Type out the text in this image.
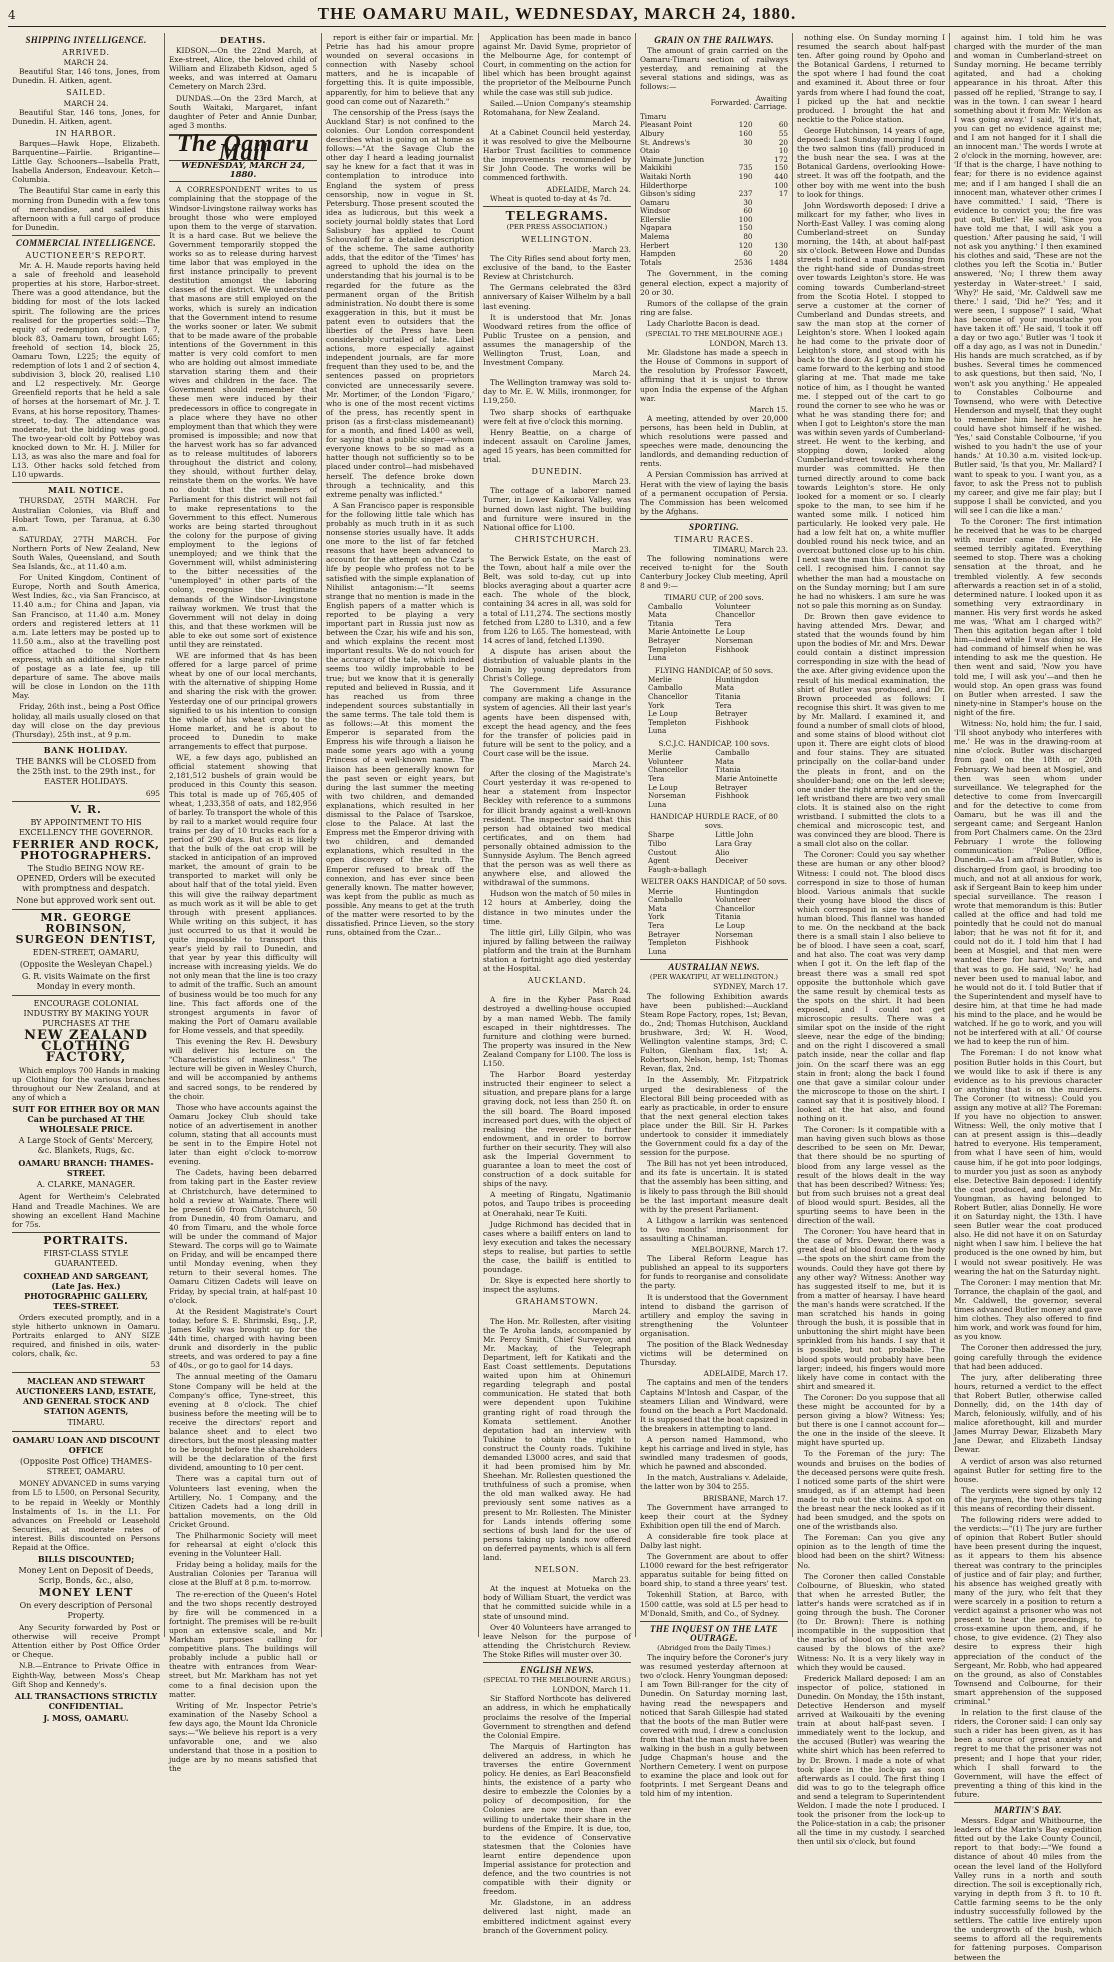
4	THE OAMARU MAIL, WEDNESDAY, MARCH 24, 1880.
SHIPPING INTELLIGENCE.
ARRIVED.
MARCH 24.

Beautiful Star, 146 tons, Jones, from Dunedin. H. Aitken, agent.

SAILED.
MARCH 24.

Beautiful Star, 146 tons, Jones, for Dunedin. H. Aitken, agent.

IN HARBOR.

Barques—Hawk Hope, Elizabeth. Barquentine—Fairlie. Brigantine—Little Gay. Schooners—Isabella Pratt, Isabella Anderson, Endeavour. Ketch—Columbia.

The Beautiful Star came in early this morning from Dunedin with a few tons of merchandise, and sailed this afternoon with a full cargo of produce for Dunedin.

COMMERCIAL INTELLIGENCE.
AUCTIONEER'S REPORT.

Mr. A. H. Maude reports having held a sale of freehold and leasehold properties at his store, Harbor-street. There was a good attendance, but the bidding for most of the lots lacked spirit. The following are the prices realised for the properties sold:—The equity of redemption of section 7, block 83, Oamaru town, brought L65; freehold of section 14, block 25, Oamaru Town, L225; the equity of redemption of lots 1 and 2 of section 4, subdivision 3, block 20, realised L10 and L2 respectively. Mr. George Greenfield reports that he held a sale of horses at the horsemart of Mr. J. T. Evans, at his horse repository, Thames-street, to-day. The attendance was moderate, but the bidding was good. The two-year-old colt by Potteboy was knocked down to Mr. H. J. Miller for L13, as was also the mare and foal for L13. Other hacks sold fetched from L10 upwards.

MAIL NOTICE.

THURSDAY, 25TH MARCH. For Australian Colonies, via Bluff and Hobart Town, per Taranua, at 6.30 a.m.

SATURDAY, 27TH MARCH. For Northern Ports of New Zealand, New South Wales, Queensland, and South Sea Islands, &c., at 11.40 a.m.

For United Kingdom, Continent of Europe, North and South America, West Indies, &c., via San Francisco, at 11.40 a.m.; for China and Japan, via San Francisco, at 11.40 a.m. Money orders and registered letters at 11 a.m. Late letters may be posted up to 11.50 a.m., also at the travelling post office attached to the Northern express, with an additional single rate of postage as a late fee, up till departure of same. The above mails will be close in London on the 11th May.

Friday, 26th inst., being a Post Office holiday, all mails usually closed on that day will close on the day previous (Thursday), 25th inst., at 9 p.m.

BANK HOLIDAY.
THE BANKS will be CLOSED from the 25th inst. to the 29th inst., for EASTER HOLIDAYS.
695
V. R.
BY APPOINTMENT TO HIS EXCELLENCY THE GOVERNOR.
FERRIER AND ROCK, PHOTOGRAPHERS.
The Studio BEING NOW RE-OPENED, Orders will be executed with promptness and despatch.
None but approved work sent out.
MR. GEORGE ROBINSON, SURGEON DENTIST,
EDEN-STREET, OAMARU,
(Opposite the Wesleyan Chapel.)
G. R. visits Waimate on the first Monday in every month.
ENCOURAGE COLONIAL INDUSTRY BY MAKING YOUR PURCHASES AT THE
NEW ZEALAND CLOTHING FACTORY,

Which employs 700 Hands in making up Clothing for the various branches throughout our New Zealand, and at any of which a

SUIT FOR EITHER BOY OR MAN Can be purchased AT THE WHOLESALE PRICE.
A Large Stock of Gents' Mercery, &c. Blankets, Rugs, &c.
OAMARU BRANCH: THAMES-STREET.
A. CLARKE, MANAGER.

Agent for Wertheim's Celebrated Hand and Treadle Machines. We are showing an excellent Hand Machine for 75s.

PORTRAITS.
FIRST-CLASS STYLE GUARANTEED.
COXHEAD AND SARGEANT, (Late Jas. Hex.) PHOTOGRAPHIC GALLERY, TEES-STREET.

Orders executed promptly, and in a style hitherto unknown in Oamaru. Portraits enlarged to ANY SIZE required, and finished in oils, water-colors, chalk, &c.

53
MACLEAN AND STEWART AUCTIONEERS LAND, ESTATE, AND GENERAL STOCK AND STATION AGENTS,
TIMARU.
OAMARU LOAN AND DISCOUNT OFFICE
(Opposite Post Office) THAMES-STREET, OAMARU.

MONEY ADVANCED in sums varying from L5 to L500, on Personal Security, to be repaid in Weekly or Monthly Instalments of 1s. in the L1. For advances on Freehold or Leasehold Securities, at moderate rates of interest. Bills discounted on Persons Repaid at the Office.

BILLS DISCOUNTED;
Money Lent on Deposit of Deeds, Scrip, Bonds, &c., also,
MONEY LENT
On every description of Personal Property.

Any Security forwarded by Post or otherwise will receive Prompt Attention either by Post Office Order or Cheque.

N.B.—Entrance to Private Office in Eighth-Way, between Moss's Cheap Gift Shop and Kennedy's.

ALL TRANSACTIONS STRICTLY CONFIDENTIAL.
J. MOSS, OAMARU.
DEATHS.

KIDSON.—On the 22nd March, at Exe-street, Alice, the beloved child of William and Elizabeth Kidson, aged 5 weeks, and was interred at Oamaru Cemetery on March 23rd.

DUNDAS.—On the 23rd March, at South Waitaki, Margaret, infant daughter of Peter and Annie Dunbar, aged 3 months.

The Oamaru Mail
WEDNESDAY, MARCH 24, 1880.

A CORRESPONDENT writes to us complaining that the stoppage of the Windsor-Livingstone railway works has brought those who were employed upon them to the verge of starvation. It is a hard case. But we believe the Government temporarily stopped the works so as to release during harvest time labor that was employed in the first instance principally to prevent destitution amongst the laboring classes of the district. We understand that masons are still employed on the works, which is surely an indication that the Government intend to resume the works sooner or later. We submit that to be made aware of the probable intentions of the Government in this matter is very cold comfort to men who are holding out almost immediate starvation staring them and their wives and children in the face. The Government should remember that these men were induced by their predecessors in office to congregate in a place where they have no other employment than that which they were promised is impossible; and now that the harvest work has so far advanced as to release multitudes of laborers throughout the district and colony, they should, without further delay, reinstate them on the works. We have no doubt that the members of Parliament for this district will not fail to make representations to the Government to this effect. Numerous works are being started throughout the colony for the purpose of giving employment to the legions of unemployed; and we think that the Government will, whilst administering to the bitter necessities of the "unemployed" in other parts of the colony, recognise the legitimate demands of the Windsor-Livingstone railway workmen. We trust that the Government will not delay in doing this, and that these workmen will be able to eke out some sort of existence until they are reinstated.

WE are informed that 4s has been offered for a large parcel of prime wheat by one of our local merchants, with the alternative of shipping Home and sharing the risk with the grower. Yesterday one of our principal growers signified to us his intention to consign the whole of his wheat crop to the Home market, and he is about to proceed to Dunedin to make arrangements to effect that purpose.

WE, a few days ago, published an official statement showing that 2,181,512 bushels of grain would be produced in this County this season. This total is made up of 765,405 of wheat, 1,233,358 of oats, and 182,956 of barley. To transport the whole of this by rail to a market would require four trains per day of 10 trucks each for a period of 290 days. But as it is likely that the bulk of the oat crop will be stacked in anticipation of an improved market, the amount of grain to be transported to market will only be about half that of the total yield. Even this will give the railway department as much work as it will be able to get through with present appliances. While writing on this subject, it has just occurred to us that it would be quite impossible to transport this year's yield by rail to Dunedin, and that year by year this difficulty will increase with increasing yields. We do not only mean that the line is too crazy to admit of the traffic. Such an amount of business would be too much for any line. This fact affords one of the strongest arguments in favor of making the Port of Oamaru available for Home vessels, and that speedily.

This evening the Rev. H. Dewsbury will deliver his lecture on the "Characteristics of manliness." The lecture will be given in Wesley Church, and will be accompanied by anthems and sacred songs, to be rendered by the choir.

Those who have accounts against the Oamaru Jockey Club should take notice of an advertisement in another column, stating that all accounts must be sent in to the Empire Hotel not later than eight o'clock to-morrow evening.

The Cadets, having been debarred from taking part in the Easter review at Christchurch, have determined to hold a review at Waimate. There will be present 60 from Christchurch, 50 from Dunedin, 40 from Oamaru, and 40 from Timaru, and the whole force will be under the command of Major Steward. The corps will go to Waimate on Friday, and will be encamped there until Monday evening, when they return to their several homes. The Oamaru Citizen Cadets will leave on Friday, by special train, at half-past 10 o'clock.

At the Resident Magistrate's Court today, before S. E. Shrimski, Esq., J.P., James Kelly was brought up for the 44th time, charged with having been drunk and disorderly in the public streets, and was ordered to pay a fine of 40s., or go to gaol for 14 days.

The annual meeting of the Oamaru Stone Company will be held at the Company's office, Tyne-street, this evening at 8 o'clock. The chief business before the meeting will be to receive the directors' report and balance sheet and to elect two directors, but the most pleasing matter to be brought before the shareholders will be the declaration of the first dividend, amounting to 10 per cent.

There was a capital turn out of Volunteers last evening, when the Artillery, No. 1 Company, and the Citizen Cadets had a long drill in battalion movements, on the Old Cricket Ground.

The Philharmonic Society will meet for rehearsal at eight o'clock this evening in the Volunteer Hall.

Friday being a holiday, mails for the Australian Colonies per Taranua will close at the Bluff at 8 p.m. to-morrow.

The re-erection of the Queen's Hotel and the two shops recently destroyed by fire will be commenced in a fortnight. The premises will be re-built upon an extensive scale, and Mr. Markham purposes calling for competitive plans. The buildings will probably include a public hall or theatre with entrances from Wear-street, but Mr. Markham has not yet come to a final decision upon the matter.

Writing of Mr. Inspector Petrie's examination of the Naseby School a few days ago, the Mount Ida Chronicle says:—"We believe his report is a very unfavorable one, and we also understand that those in a position to judge are by no means satisfied that the

report is either fair or impartial. Mr. Petrie has had his amour propre wounded on several occasions in connection with Naseby school matters, and he is incapable of forgetting this. It is quite impossible, apparently, for him to believe that any good can come out of Nazareth."

The censorship of the Press (says the Auckland Star) is not confined to the colonies. Our London correspondent describes what is going on at home as follows:—"At the Savage Club the other day I heard a leading journalist say he knew for a fact that it was in contemplation to introduce into England the system of press censorship, now in vogue in St. Petersburg. Those present scouted the idea as ludicrous, but this week a society journal boldly states that Lord Salisbury has applied to Count Schouvaloff for a detailed description of the scheme. The same authority adds, that the editor of the 'Times' has agreed to uphold the idea on the understanding that his journal is to be regarded for the future as the permanent organ of the British administration. No doubt there is some exaggeration in this, but it must be patent even to outsiders that the liberties of the Press have been considerably curtailed of late. Libel actions, more especially against independent journals, are far more frequent than they used to be, and the sentences passed on proprietors convicted are unnecessarily severe. Mr. Mortimer, of the London 'Figaro,' who is one of the most recent victims of the press, has recently spent in prison (as a first-class misdemeanant) for a month, and fined L400 as well, for saying that a public singer—whom everyone knows to be so mad as a hatter though not sufficiently so to be placed under control—had misbehaved herself. The defence broke down through a technicality, and this extreme penalty was inflicted."

A San Francisco paper is responsible for the following little tale which has probably as much truth in it as such nonsense stories usually have. It adds one more to the list of far fetched reasons that have been advanced to account for the attempt on the Czar's life by people who profess not to be satisfied with the simple explanation of Nihilist antagonism:—"It seems strange that no mention is made in the English papers of a matter which is reported to be playing a very important part in Russia just now as between the Czar, his wife and his son, and which explains the recent most important results. We do not vouch for the accuracy of the tale, which indeed seems too wildly improbable to be true; but we know that it is generally reputed and believed in Russia, and it has reached us from three independent sources substantially in the same terms. The tale told them is as follows:—At this moment the Emperor is separated from the Empress his wife through a liaison he made some years ago with a young Princess of a well-known name. The liaison has been generally known for the past seven or eight years, but during the last summer the meeting with two children, and demanded explanations, which resulted in her dismissal to the Palace of Tsarskoe, close to the Palace. At last the Empress met the Emperor driving with two children, and demanded explanations, which resulted in the open discovery of the truth. The Emperor refused to break off the connexion, and has ever since been generally known. The matter however, was kept from the public as much as possible. Any means to get at the truth of the matter were resorted to by the dissatisfied. Prince Lieven, so the story runs, obtained from the Czar...

Application has been made in banco against Mr. David Syme, proprietor of the Melbourne Age, for contempt of Court, in commenting on the action for libel which has been brought against the proprietor of the Melbourne Punch while the case was still sub judice.

Sailed.—Union Company's steamship Rotomahana, for New Zealand.

March 24.

At a Cabinet Council held yesterday, it was resolved to give the Melbourne Harbor Trust facilities to commence the improvements recommended by Sir John Coode. The works will be commenced forthwith.

ADELAIDE, March 24.

Wheat is quoted to-day at 4s 7d.

TELEGRAMS.
(PER PRESS ASSOCIATION.)
WELLINGTON.
March 23.

The City Rifles send about forty men, exclusive of the band, to the Easter Review at Christchurch.

The Germans celebrated the 83rd anniversary of Kaiser Wilhelm by a ball last evening.

It is understood that Mr. Jonas Woodward retires from the office of Public Trustee on a pension, and assumes the managership of the Wellington Trust, Loan, and Investment Company.

March 24.

The Wellington tramway was sold to-day to Mr. E. W. Mills, ironmonger, for L19,250.

Two sharp shocks of earthquake were felt at five o'clock this morning.

Henry Beattie, on a charge of indecent assault on Caroline James, aged 15 years, has been committed for trial.

DUNEDIN.
March 23.

The cottage of a laborer named Turner, in Lower Kaikorai Valley, was burned down last night. The building and furniture were insured in the National office for L100.

CHRISTCHURCH.
March 23.

The Berwick Estate, on the east of the Town, about half a mile over the Belt, was sold to-day, cut up into blocks averaging about a quarter acre each. The whole of the block, containing 34 acres in all, was sold for a total of L11,274. The sections mostly fetched from L280 to L310, and a few from L26 to L65. The homestead, with 14 acres of land, fetched L1390.

A dispute has arisen about the distribution of valuable plants in the Domain by young depredators from Christ's College.

The Government Life Assurance company are making a change in the system of agencies. All their last year's agents have been dispensed with, except the head agency, and the fees for the transfer of policies paid in future will be sent to the policy, and a Court case will be the issue.

March 24.

After the closing of the Magistrate's Court yesterday it was re-opened to hear a statement from Inspector Beckley with reference to a summons for illicit brandy against a well-known resident. The inspector said that this person had obtained two medical certificates, and on them had personally obtained admission to the Sunnyside Asylum. The Bench agreed that the person was as well there as anywhere else, and allowed the withdrawal of the summons.

Hudson won the match of 50 miles in 12 hours at Amberley, doing the distance in two minutes under the time.

The little girl, Lilly Gilpin, who was injured by falling between the railway platform and the train at the Burnham station a fortnight ago died yesterday at the Hospital.

AUCKLAND.
March 24.

A fire in the Kyber Pass Road destroyed a dwelling-house occupied by a man named Webb. The family escaped in their nightdresses. The furniture and clothing were burned. The property was insured in the New Zealand Company for L100. The loss is L150.

The Harbor Board yesterday instructed their engineer to select a situation, and prepare plans for a large graving dock, not less than 250 ft. on the sill board. The Board imposed increased port dues, with the object of realising the revenue to further endowment, and in order to borrow further on their security. They will also ask the Imperial Government to guarantee a loan to meet the cost of construction of a dock suitable for ships of the navy.

A meeting of Ringatu, Ngatimanio potos, and Taupo tribes is proceeding at Onerahaki, near Te Kuiti.

Judge Richmond has decided that in cases where a bailiff enters on land to levy execution and takes the necessary steps to realise, but parties to settle the case, the bailiff is entitled to poundage.

Dr. Skye is expected here shortly to inspect the asylums.

GRAHAMSTOWN.
March 24.

The Hon. Mr. Rollesten, after visiting the Te Aroha lands, accompanied by Mr. Percy Smith, Chief Surveyor, and Mr. Mackay, of the Telegraph Department, left for Katikati and the East Coast settlements. Deputations waited upon him at Ohinemuri regarding telegraph and postal communication. He stated that both were dependent upon Tukihine granting right of road through the Komata settlement. Another deputation had an interview with Tukihine to obtain the right to construct the County roads. Tukihine demanded L3000 acres, and said that it had been promised him by Mr. Sheehan. Mr. Rollesten questioned the truthfulness of such a promise, when the old man walked away. He had previously sent some natives as a present to Mr. Rollesten. The Minister for Lands intends offering some sections of bush land for the use of persons taking up lands now offered on deferred payments, which is all fern land.

NELSON.
March 23.

At the inquest at Motueka on the body of William Stuart, the verdict was that he committed suicide while in a state of unsound mind.

Over 40 Volunteers have arranged to leave Nelson for the purpose of attending the Christchurch Review. The Stoke Rifles will muster over 30.

ENGLISH NEWS.
(SPECIAL TO THE MELBOURNE ARGUS.)
LONDON, March 11.

Sir Stafford Northcote has delivered an address, in which he emphatically proclaims the resolve of the Imperial Government to strengthen and defend the Colonial Empire.

The Marquis of Hartington has delivered an address, in which he traverses the entire Government policy. He denies, as Earl Beaconsfield hints, the existence of a party who desire to embezzle the Colonies by a policy of decomposition, for the Colonies are now more than ever willing to undertake their share in the burdens of the Empire. It is due, too, to the evidence of Conservative statesmen that the Colonies have learnt entire dependence upon Imperial assistance for protection and defence, and the two countries is not compatible with their dignity or freedom.

Mr. Gladstone, in an address delivered last night, made an embittered indictment against every branch of the Government policy.

GRAIN ON THE RAILWAYS.

The amount of grain carried on the Oamaru-Timaru section of railways yesterday, and remaining at the several stations and sidings, was as follows:—

	Forwarded.	Awaiting Carriage.
Timaru		
Pleasant Point	120	60
Albury	160	55
St. Andrews's	30	20
Otaio		10
Waimate Junction		172
Makikihi	735	150
Waitaki North	190	440
Hilderthorpe		100
Gibson's siding	237	17
Oamaru	30	
Windsor	60	
Ellerslie	100	
Ngapara	150	
Malema	80	
Herbert	120	130
Hampden	60	20
Totals	2536	1484

The Government, in the coming general election, expect a majority of 20 or 30.

Rumors of the collapse of the grain ring are false.

Lady Charlotte Bacon is dead.

(SPECIAL TO THE MELBOURNE AGE.)
LONDON, March 13.

Mr. Gladstone has made a speech in the House of Commons in support of the resolution by Professor Fawcett, affirming that it is unjust to throw upon India the expense of the Afghan war.

March 15.

A meeting, attended by over 20,000 persons, has been held in Dublin, at which resolutions were passed and speeches were made, denouncing the landlords, and demanding reduction of rents.

A Persian Commission has arrived at Herat with the view of laying the basis of a permanent occupation of Persia. The Commission has been welcomed by the Afghans.

SPORTING.
TIMARU RACES.
TIMARU, March 23.

The following nominations were received to-night for the South Canterbury Jockey Club meeting, April 8 and 9:—

TIMARU CUP, of 200 sovs.
Camballo	Volunteer
Mata	Chancellor
Titania	Tera
Marie Antoinette Le Loup
Betrayer	Norseman
Templeton	Fishhook
Luna
FLYING HANDICAP, of 50 sovs.
Merlie	Huntingdon
Camballo	Mata
Chancellor	Titania
York	Tera
Le Loup	Betrayer
Templeton	Fishhook
Luna
S.C.J.C. HANDICAP, 100 sovs.
Merlie	Camballo
Volunteer	Mata
Chancellor	Titania
Tera	Marie Antoinette
Le Loup	Betrayer
Norseman	Fishhook
Luna
HANDICAP HURDLE RACE, of 80 sovs.
Sharpe	Little John
Tilbo	Lara Gray
Custout	Alio
Agent	Deceiver
Faugh-a-ballagh
WELTER OAKS HANDICAP, of 50 sovs.
Merrie	Huntingdon
Camballo	Volunteer
Mata	Chancellor
York	Titania
Tera	Le Loup
Betrayer	Norseman
Templeton	Fishhook
Luna
AUSTRALIAN NEWS.
(PER WAKATIPU, AT WELLINGTON.)
SYDNEY, March 17.

The following Exhibition awards have been published:—Auckland Steam Rope Factory, ropes, 1st; Bevan, do., 2nd; Thomas Hutchison, Auckland brushware, 3rd; W. H. Wood, Wellington valentine stamps, 3rd; C. Fulton, Glenham flax, 1st; A. Robertson, Nelson, hemp, 1st; Thomas Revan, flax, 2nd.

In the Assembly, Mr. Fitzpatrick urged the desirableness of the Electoral Bill being proceeded with as early as practicable, in order to ensure that the next general election takes place under the Bill. Sir H. Parkes undertook to consider it immediately the Government could fix a day of the session for the purpose.

The Bill has not yet been introduced, and its fate is uncertain. It is stated that the assembly has been sitting, and is likely to pass through the Bill should be the last important measure dealt with by the present Parliament.

A Lithgow a larrikin was sentenced to two months' imprisonment for assaulting a Chinaman.

MELBOURNE, March 17.

The Liberal Reform League has published an appeal to its supporters for funds to reorganise and consolidate the party.

It is understood that the Government intend to disband the garrison of artillery and employ the saving in strengthening the Volunteer organisation.

The position of the Black Wednesday victims will be determined on Thursday.

ADELAIDE, March 17.

The captains and men of the tenders Captains M'Intosh and Caspar, of the steamers Lilian and Windward, were found on the beach a Port Macdonald. It is supposed that the boat capsized in the breakers in attempting to land.

A person named Hammond, who kept his carriage and lived in style, has swindled many tradesmen of goods, which he pawned and absconded.

In the match, Australians v. Adelaide, the latter won by 304 to 255.

BRISBANE, March 17.

The Government have arranged to keep their court at the Sydney Exhibition open till the end of March.

A considerable fire took place at Dalby last night.

The Government are about to offer L1000 reward for the best refrigerator apparatus suitable for being fitted on board ship, to stand a three years' test.

Tokenhill Station, at Barco, with 1500 cattle, was sold at L5 per head to M'Donald, Smith, and Co., of Sydney.

THE INQUEST ON THE LATE OUTRAGE.
(Abridged from the Daily Times.)

The inquiry before the Coroner's jury was resumed yesterday afternoon at two o'clock. Henry Youngman deposed: I am Town Bill-ranger for the city of Dunedin. On Saturday morning last, having read the newspapers and noticed that Sarah Gillespie had stated that the boots of the man Butler were covered with mud, I drew a conclusion from that that the man must have been walking in the bush in a gully between Judge Chapman's house and the Northern Cemetery. I went on purpose to examine the place and look out for footprints. I met Sergeant Deans and told him of my intention.

nothing else. On Sunday morning I resumed the search about half-past ten. After going round by Opoho and the Botanical Gardens, I returned to the spot where I had found the coat and examined it. About three or four yards from where I had found the coat, I picked up the hat and necktie produced. I brought the hat and necktie to the Police station.

George Hutchinson, 14 years of age, deposed: Last Sunday morning I found the two salmon tins (fall) produced in the bush near the sea. I was at the Botanical Gardens, overlooking Howe-street. It was off the footpath, and the other boy with me went into the bush to look for things.

John Wordsworth deposed: I drive a milkcart for my father, who lives in North-East Valley. I was coming along Cumberland-street on Sunday morning, the 14th, at about half-past six o'clock. Between Howe and Dundas streets I noticed a man crossing from the right-hand side of Dundas-street over towards Leighton's store. He was coming towards Cumberland-street from the Scotia Hotel. I stopped to serve a customer at the corner of Cumberland and Dundas streets, and saw the man stop at the corner of Leighton's store. When I looked again he had come to the private door of Leighton's store, and stood with his back to the door. As I got up to him he came forward to the kerbing and stood glaring at me. That made me take notice of him, as I thought he wanted me. I stepped out of the cart to go round the corner to see who he was or what he was standing there for; and when I got to Leighton's store the man was within seven yards of Cumberland-street. He went to the kerbing, and stopping down, looked along Cumberland-street towards where the murder was committed. He then turned directly around to come back towards Leighton's store. He only looked for a moment or so. I clearly spoke to the man, to see him if he wanted some milk. I noticed him particularly. He looked very pale. He had a low felt hat on, a white muffler doubled round his neck twice, and an overcoat buttoned close up to his chin. I next saw the man this forenoon in the cell. I recognised him. I cannot say whether the man had a moustache on on the Sunday morning; but I am sure he had no whiskers. I am sure he was not so pale this morning as on Sunday.

Dr. Brown then gave evidence to having attended Mrs. Dewar, and stated that the wounds found by him upon the bodies of Mr. and Mrs. Dewar could contain a distinct impression corresponding in size with the head of the axe. After giving evidence upon the result of his medical examination, the shirt of Butler was produced, and Dr. Brown proceeded as follows: I recognise this shirt. It was given to me by Mr. Mallard. I examined it, and found a number of small clots of blood, and some stains of blood without clot upon it. There are eight clots of blood and four stains. They are situated principally on the collar-band under the pleats in front, and on the shoulder-band; one on the left sleeve; one under the right armpit; and on the left wristband there are two very small clots. It is stained also on the right wristband. I submitted the clots to a chemical and microscopic test, and was convinced they are blood. There is a small clot also on the collar.

The Coroner: Could you say whether these are human or any other blood? Witness: I could not. The blood discs correspond in size to those of human blood. Various animals that suckle their young have blood the discs of which correspond in size to those of human blood. This flannel was handed to me. On the neckband at the back there is a small stain I also believe to be of blood. I have seen a coat, scarf, and hat also. The coat was very damp when I got it. On the left flap of the breast there was a small red spot opposite the buttonhole which gave the same result by chemical tests as the spots on the shirt. It had been exposed, and I could not get microscopic results. There was a similar spot on the inside of the right sleeve, near the edge of the binding; and on the right I discovered a small patch inside, near the collar and flap join. On the scarf there was an egg stain in front; along the back I found one that gave a similar colour under the microscope to those on the shirt. I cannot say that it is positively blood. I looked at the hat also, and found nothing on it.

The Coroner: Is it compatible with a man having given such blows as those described to be seen on Mr. Dewar, that there should be no spurting of blood from any large vessel as the result of the blows dealt in the way that has been described? Witness: Yes; but from such bruises not a great deal of blood would spurt. Besides, all the spurting seems to have been in the direction of the wall.

The Coroner: You have heard that in the case of Mrs. Dewar, there was a great deal of blood found on the body—the spots on the shirt came from the wounds. Could they have got there by any other way? Witness: Another way has suggested itself to me, but it is from a matter of hearsay. I have heard the man's hands were scratched. If the man scratched his hands in going through the bush, it is possible that in unbuttoning the shirt might have been sprinkled from his hands. I say that it is possible, but not probable. The blood spots would probably have been larger; indeed, his fingers would more likely have come in contact with the shirt and smeared it.

The Coroner: Do you suppose that all these might be accounted for by a person giving a blow? Witness: Yes; but there is one I cannot account for—the one in the inside of the sleeve. It might have spurted up.

To the Foreman of the jury: The wounds and bruises on the bodies of the deceased persons were quite fresh. I noticed some parts of the shirt were smudged, as if an attempt had been made to rub out the stains. A spot on the breast near the neck looked as if it had been smudged, and the spots on one of the wristbands also.

The Foreman: Can you give any opinion as to the length of time the blood had been on the shirt? Witness: No.

The Coroner then called Constable Colbourne, of Blueskin, who stated that when he arrested Butler, the latter's hands were scratched as if in going through the bush. The Coroner (to Dr. Brown): There is nothing incompatible in the supposition that the marks of blood on the shirt were caused by the blows of the axe? Witness: No. It is a very likely way in which they would be caused.

Frederick Mallard deposed: I am an inspector of police, stationed in Dunedin. On Monday, the 15th instant, Detective Henderson and myself arrived at Waikouaiti by the evening train at about half-past seven. I immediately went to the lockup, and the accused (Butler) was wearing the white shirt which has been referred to by Dr. Brown. I made a note of what took place in the lock-up as soon afterwards as I could. The first thing I did was to go to the telegraph office and send a telegram to Superintendent Weldon. I made the note I produced. I took the prisoner from the lock-up to the Police-station in a cab; the prisoner all the time in my custody. I searched then until six o'clock, but found

against him. I told him he was charged with the murder of the man and woman in Cumberland-street on Sunday morning. He became terribly agitated, and had a choking appearance in his throat. After this passed off he replied, 'Strange to say, I was in the town. I can swear I heard something about it from Mr. Weldon as I was going away.' I said, 'If it's that, you can get no evidence against me; and I am not hanged for it I shall die an innocent man.' The words I wrote at 2 o'clock in the morning, however, are: 'If that is the charge, I have nothing to fear; for there is no evidence against me; and if I am hanged I shall die an innocent man, whatever other crimes I have committed.' I said, 'There is evidence to convict you; the fire was put out, Butler.' He said, 'Since you have told me that, I will ask you a question.' After pausing he said, 'I will not ask you anything.' I then examined his clothes and said, 'These are not the clothes you left the Scotia in.' Butler answered, 'No; I threw them away yesterday in Water-street.' I said, 'Why?' He said, 'Mr. Caldwell saw me there.' I said, 'Did he?' 'Yes; and it were seen, I suppose?' I said, 'What has become of your moustache you have taken it off.' He said, 'I took it off a day or two ago.' Butler was 'I took it off a day ago, as I was not in Dunedin.' His hands are much scratched, as if by bushes. Several times he commenced to ask questions, but then said, 'No, I won't ask you anything.' He appealed to Constables Colbourne and Townsend, who were with Detective Henderson and myself, that they ought to remember him hereafter, as he could have shot himself if he wished. 'Yes,' said Constable Colbourne, 'if you wished to you hadn't the use of your hands.' At 10.30 a.m. visited lock-up. Butler said, 'Is that you, Mr. Mallard? I want to speak to you. I want you, as a favor, to ask the Press not to publish my career, and give me fair play; but I suppose I shall be convicted, and you will see I can die like a man.'

To the Coroner: The first intimation he received that he was to be charged with murder came from me. He seemed terribly agitated. Everything seemed to stop. There was a choking sensation at the throat, and he trembled violently. A few seconds afterwards a reaction set in of a stolid, determined nature. I looked upon it as something very extraordinary in manner. His very first words he asked me was, 'What am I charged with?' Then this agitation began after I told him—indeed while I was doing so. He had command of himself when he was intending to ask me the question. He then went and said, 'Now you have told me, I will ask you'—and then he would stop. An open grass was found on Butler when arrested. I saw the ninety-nine in Stamper's house on the night of the fire.

Witness: No, hold him; the fur. I said, 'I'll shoot anybody who interferes with me.' He was in the drawing-room at nine o'clock. Butler was discharged from gaol on the 18th or 20th February. We had been at Mosgiel, and then was seen whom under surveillance. We telegraphed for the detective to come from Invercargill and for the detective to come from Oamaru, but he was ill and the sergeant came; and Sergeant Hanlon from Port Chalmers came. On the 23rd February I wrote the following communication: "Police Office, Dunedin.—As I am afraid Butler, who is discharged from gaol, is brooding too much, and not at all anxious for work, ask if Sergeant Bain to keep him under special surveillance. The reason I wrote that memorandum is this: Butler called at the office and had told me pointedly that he could not do manual labor; that he was not fit for it, and could not do it. I told him that I had been at Mosgiel, and that men were wanted there for harvest work, and that was to go. He said, 'No;' he had never been used to manual labor, and he would not do it. I told Butler that if the Superintendent and myself have to desire him, at that time he had made his mind to the place, and he would be watched. If he go to work, and you will not be interfered with at all.' Of course we had to keep the run of him.

The Foreman: I do not know what position Butler holds in this Court, but we would like to ask if there is any evidence as to his previous character or anything that is on the murders. The Coroner (to witness): Could you assign any motive at all? The Foreman: If you have no objection to answer. Witness: Well, the only motive that I can at present assign is this—deadly hatred to everyone. His temperament, from what I have seen of him, would cause him, if he got into poor lodgings, to murder you just as soon as anybody else. Detective Bain deposed: I identify the coat produced, and found by Mr. Youngman, as having belonged to Robert Butler, alias Donnelly. He wore it on Saturday night, the 13th. I have seen Butler wear the coat produced also. He did not have it on on Saturday night when I saw him. I believe the hat produced is the one owned by him, but I would not swear positively. He was wearing the hat on the Saturday night.

The Coroner: I may mention that Mr. Torrance, the chaplain of the gaol, and Mr. Caldwell, the governor, several times advanced Butler money and gave him clothes. They also offered to find him work, and work was found for him, as you know.

The Coroner then addressed the jury, going carefully through the evidence that had been adduced.

The jury, after deliberating three hours, returned a verdict to the effect that Robert Butler, otherwise called Donnelly, did, on the 14th day of March, feloniously, wilfully, and of his malice aforethought, kill and murder James Murray Dewar, Elizabeth Mary Jane Dewar, and Elizabeth Lindsay Dewar.

A verdict of arson was also returned against Butler for setting fire to the house.

The verdicts were signed by only 12 of the jurymen, the two others taking this means of recording their dissent.

The following riders were added to the verdicts:—"(1) The jury are further of opinion that Robert Butler should have been present during the inquest, as it appears to them his absence thereat was contrary to the principles of justice and of fair play; and further, his absence has weighed greatly with many of the jury, who felt that they were scarcely in a position to return a verdict against a prisoner who was not present to hear the proceedings, to cross-examine upon them, and, if he chose, to give evidence. (2) They also desire to express their high appreciation of the conduct of the Sergeant, Mr. Robb, who had appeared on the ground, as also of Constables Townsend and Colbourne, for their smart apprehension of the supposed criminal."

In relation to the first clause of the riders, the Coroner said: I can only say such a rider has been given, as it has been a source of great anxiety and regret to me that the prisoner was not present; and I hope that your rider, which I shall forward to the Government, will have the effect of preventing a thing of this kind in the future.

MARTIN'S BAY.

Messrs. Edgar and Whitbourne, the leaders of the Martin's Bay expedition fitted out by the Lake County Council, report to that body:—"We found a distance of about 40 miles from the ocean the level land of the Hollyford Valley runs in a north and south direction. The soil is exceptionally rich, varying in depth from 3 ft. to 10 ft. Cattle farming seems to be the only industry successfully followed by the settlers. The cattle live entirely upon the undergrowth of the bush, which seems to afford all the requirements for fattening purposes. Comparison between the
